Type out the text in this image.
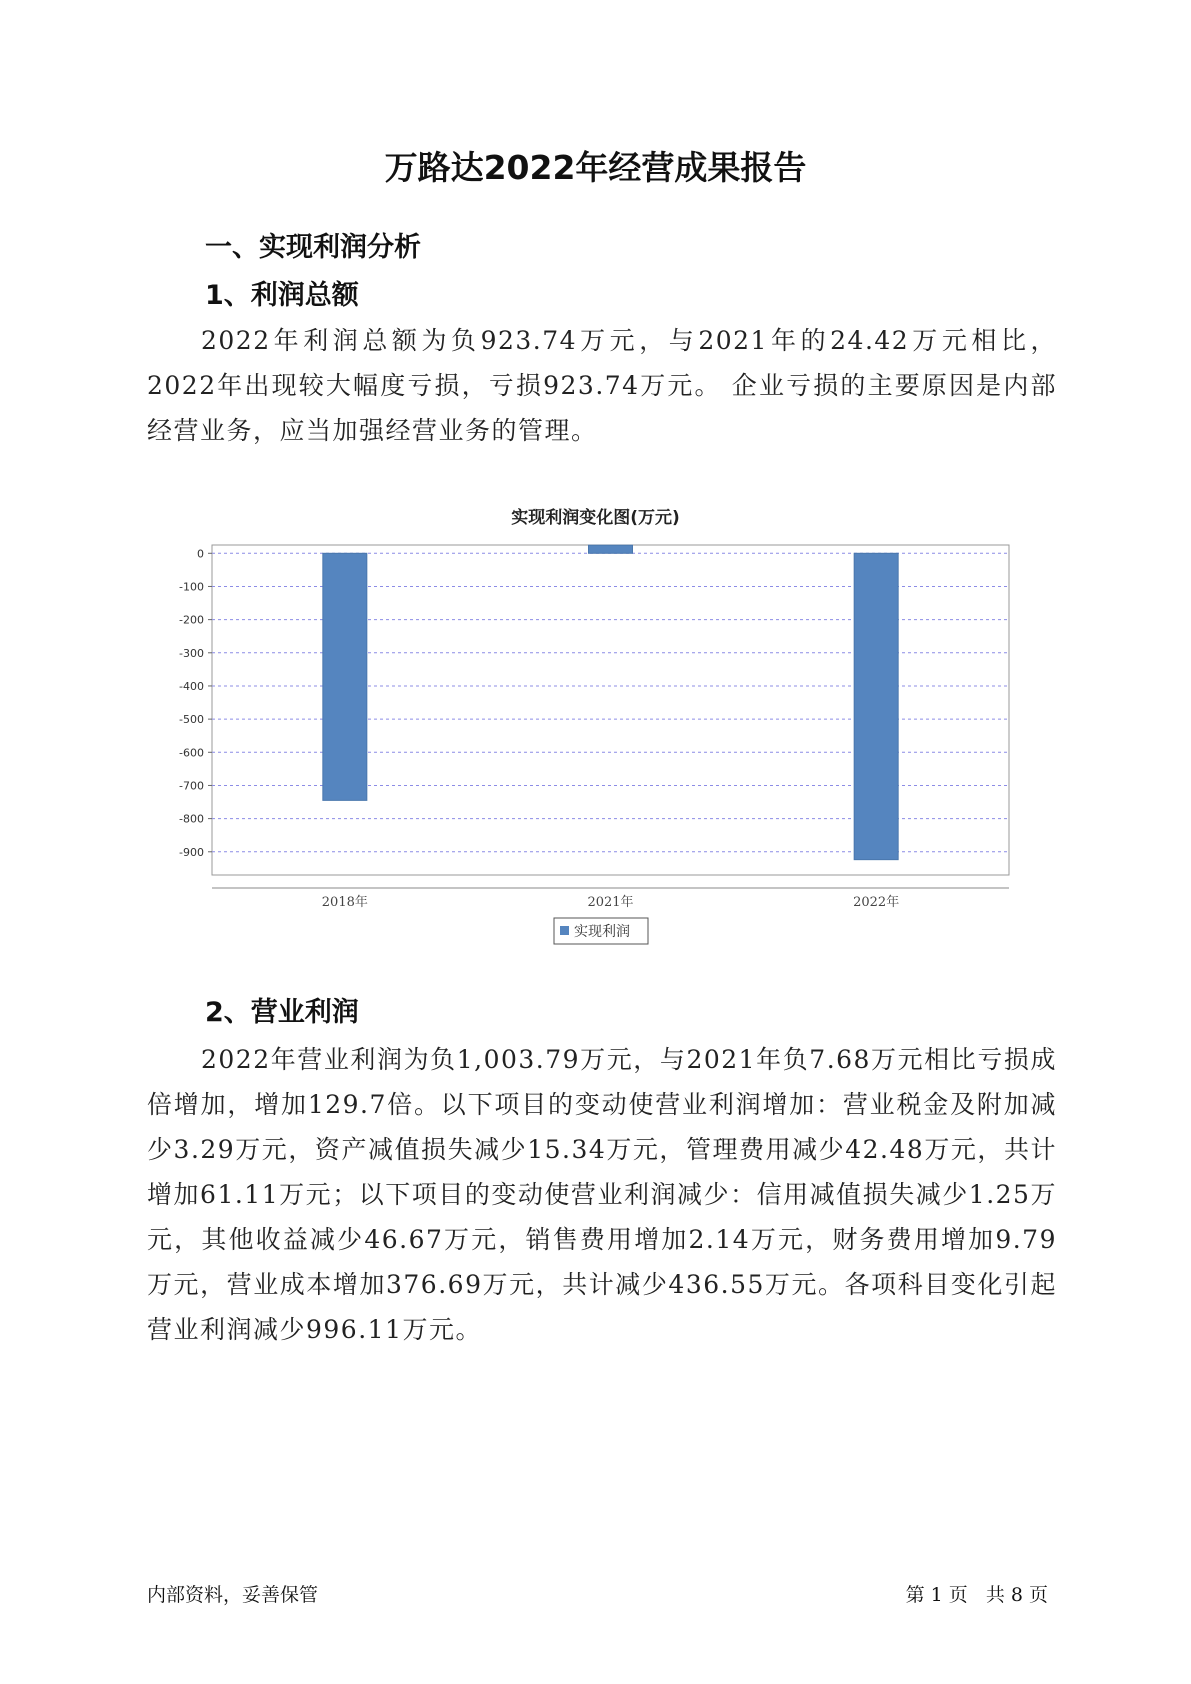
万路达2022年经营成果报告
一、实现利润分析
1、利润总额
2022年利润总额为负923.74万元，与2021年的24.42万元相比，2022年出现较大幅度亏损，亏损923.74万元。 企业亏损的主要原因是内部经营业务，应当加强经营业务的管理。
实现利润变化图(万元)
0
-100
-200
-300
-400
-500
-600
-700
-800
-900
2018年	2021年	2022年
实现利润
2、营业利润
2022年营业利润为负1,003.79万元，与2021年负7.68万元相比亏损成倍增加，增加129.7倍。以下项目的变动使营业利润增加：营业税金及附加减少3.29万元，资产减值损失减少15.34万元，管理费用减少42.48万元，共计增加61.11万元；以下项目的变动使营业利润减少：信用减值损失减少1.25万元，其他收益减少46.67万元，销售费用增加2.14万元，财务费用增加9.79万元，营业成本增加376.69万元，共计减少436.55万元。各项科目变化引起营业利润减少996.11万元。
内部资料，妥善保管	第 1 页 共 8 页
